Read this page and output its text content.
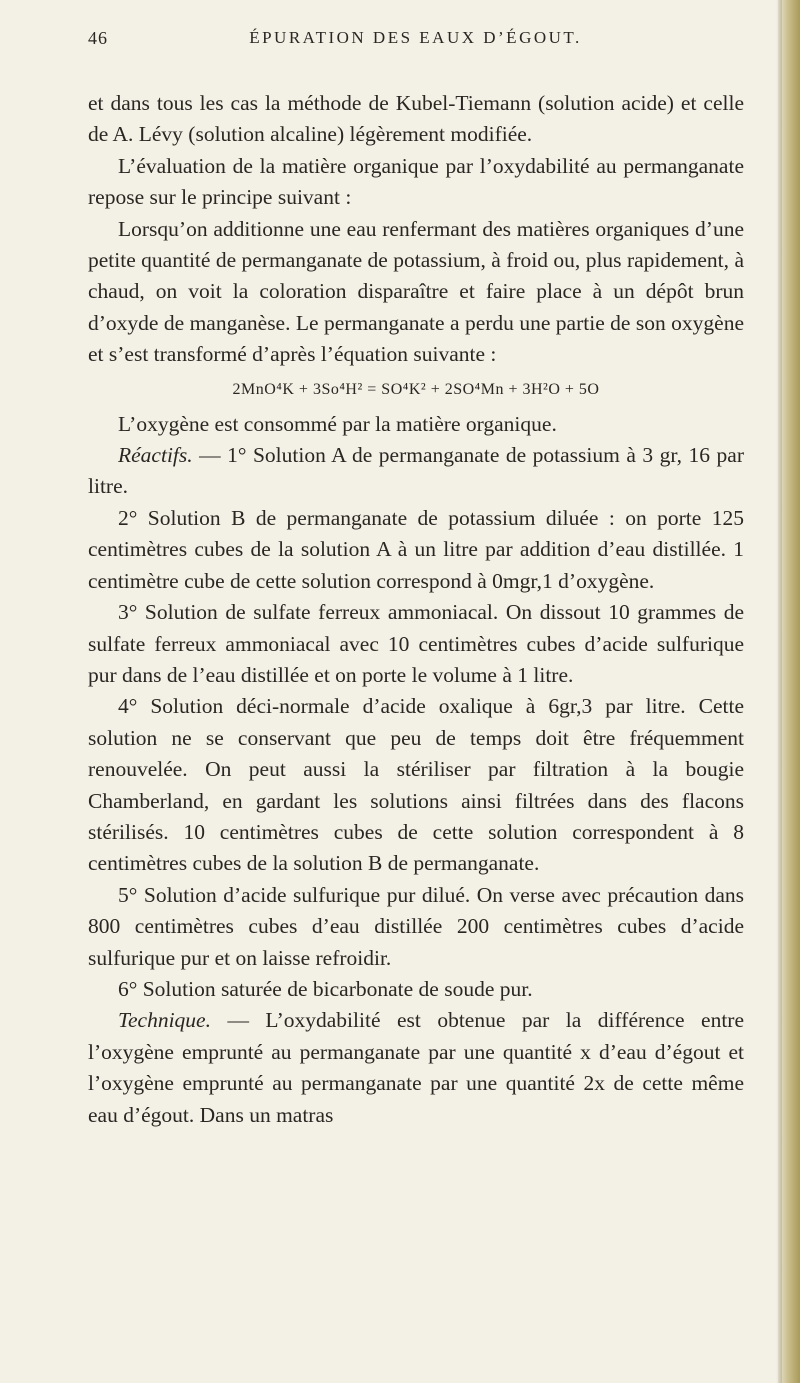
46	ÉPURATION DES EAUX D’ÉGOUT.

et dans tous les cas la méthode de Kubel-Tiemann (solution acide) et celle de A. Lévy (solution alcaline) légèrement modifiée.

L’évaluation de la matière organique par l’oxydabilité au permanganate repose sur le principe suivant :

Lorsqu’on additionne une eau renfermant des matières organiques d’une petite quantité de permanganate de potassium, à froid ou, plus rapidement, à chaud, on voit la coloration disparaître et faire place à un dépôt brun d’oxyde de manganèse. Le permanganate a perdu une partie de son oxygène et s’est transformé d’après l’équation suivante :

2MnO⁴K + 3So⁴H² = SO⁴K² + 2SO⁴Mn + 3H²O + 5O

L’oxygène est consommé par la matière organique.

Réactifs. — 1° Solution A de permanganate de potassium à 3 gr, 16 par litre.

2° Solution B de permanganate de potassium diluée : on porte 125 centimètres cubes de la solution A à un litre par addition d’eau distillée. 1 centimètre cube de cette solution correspond à 0mgr,1 d’oxygène.

3° Solution de sulfate ferreux ammoniacal. On dissout 10 grammes de sulfate ferreux ammoniacal avec 10 centimètres cubes d’acide sulfurique pur dans de l’eau distillée et on porte le volume à 1 litre.

4° Solution déci-normale d’acide oxalique à 6gr,3 par litre. Cette solution ne se conservant que peu de temps doit être fréquemment renouvelée. On peut aussi la stériliser par filtration à la bougie Chamberland, en gardant les solutions ainsi filtrées dans des flacons stérilisés. 10 centimètres cubes de cette solution correspondent à 8 centimètres cubes de la solution B de permanganate.

5° Solution d’acide sulfurique pur dilué. On verse avec précaution dans 800 centimètres cubes d’eau distillée 200 centimètres cubes d’acide sulfurique pur et on laisse refroidir.

6° Solution saturée de bicarbonate de soude pur.

Technique. — L’oxydabilité est obtenue par la différence entre l’oxygène emprunté au permanganate par une quantité x d’eau d’égout et l’oxygène emprunté au permanganate par une quantité 2x de cette même eau d’égout. Dans un matras
